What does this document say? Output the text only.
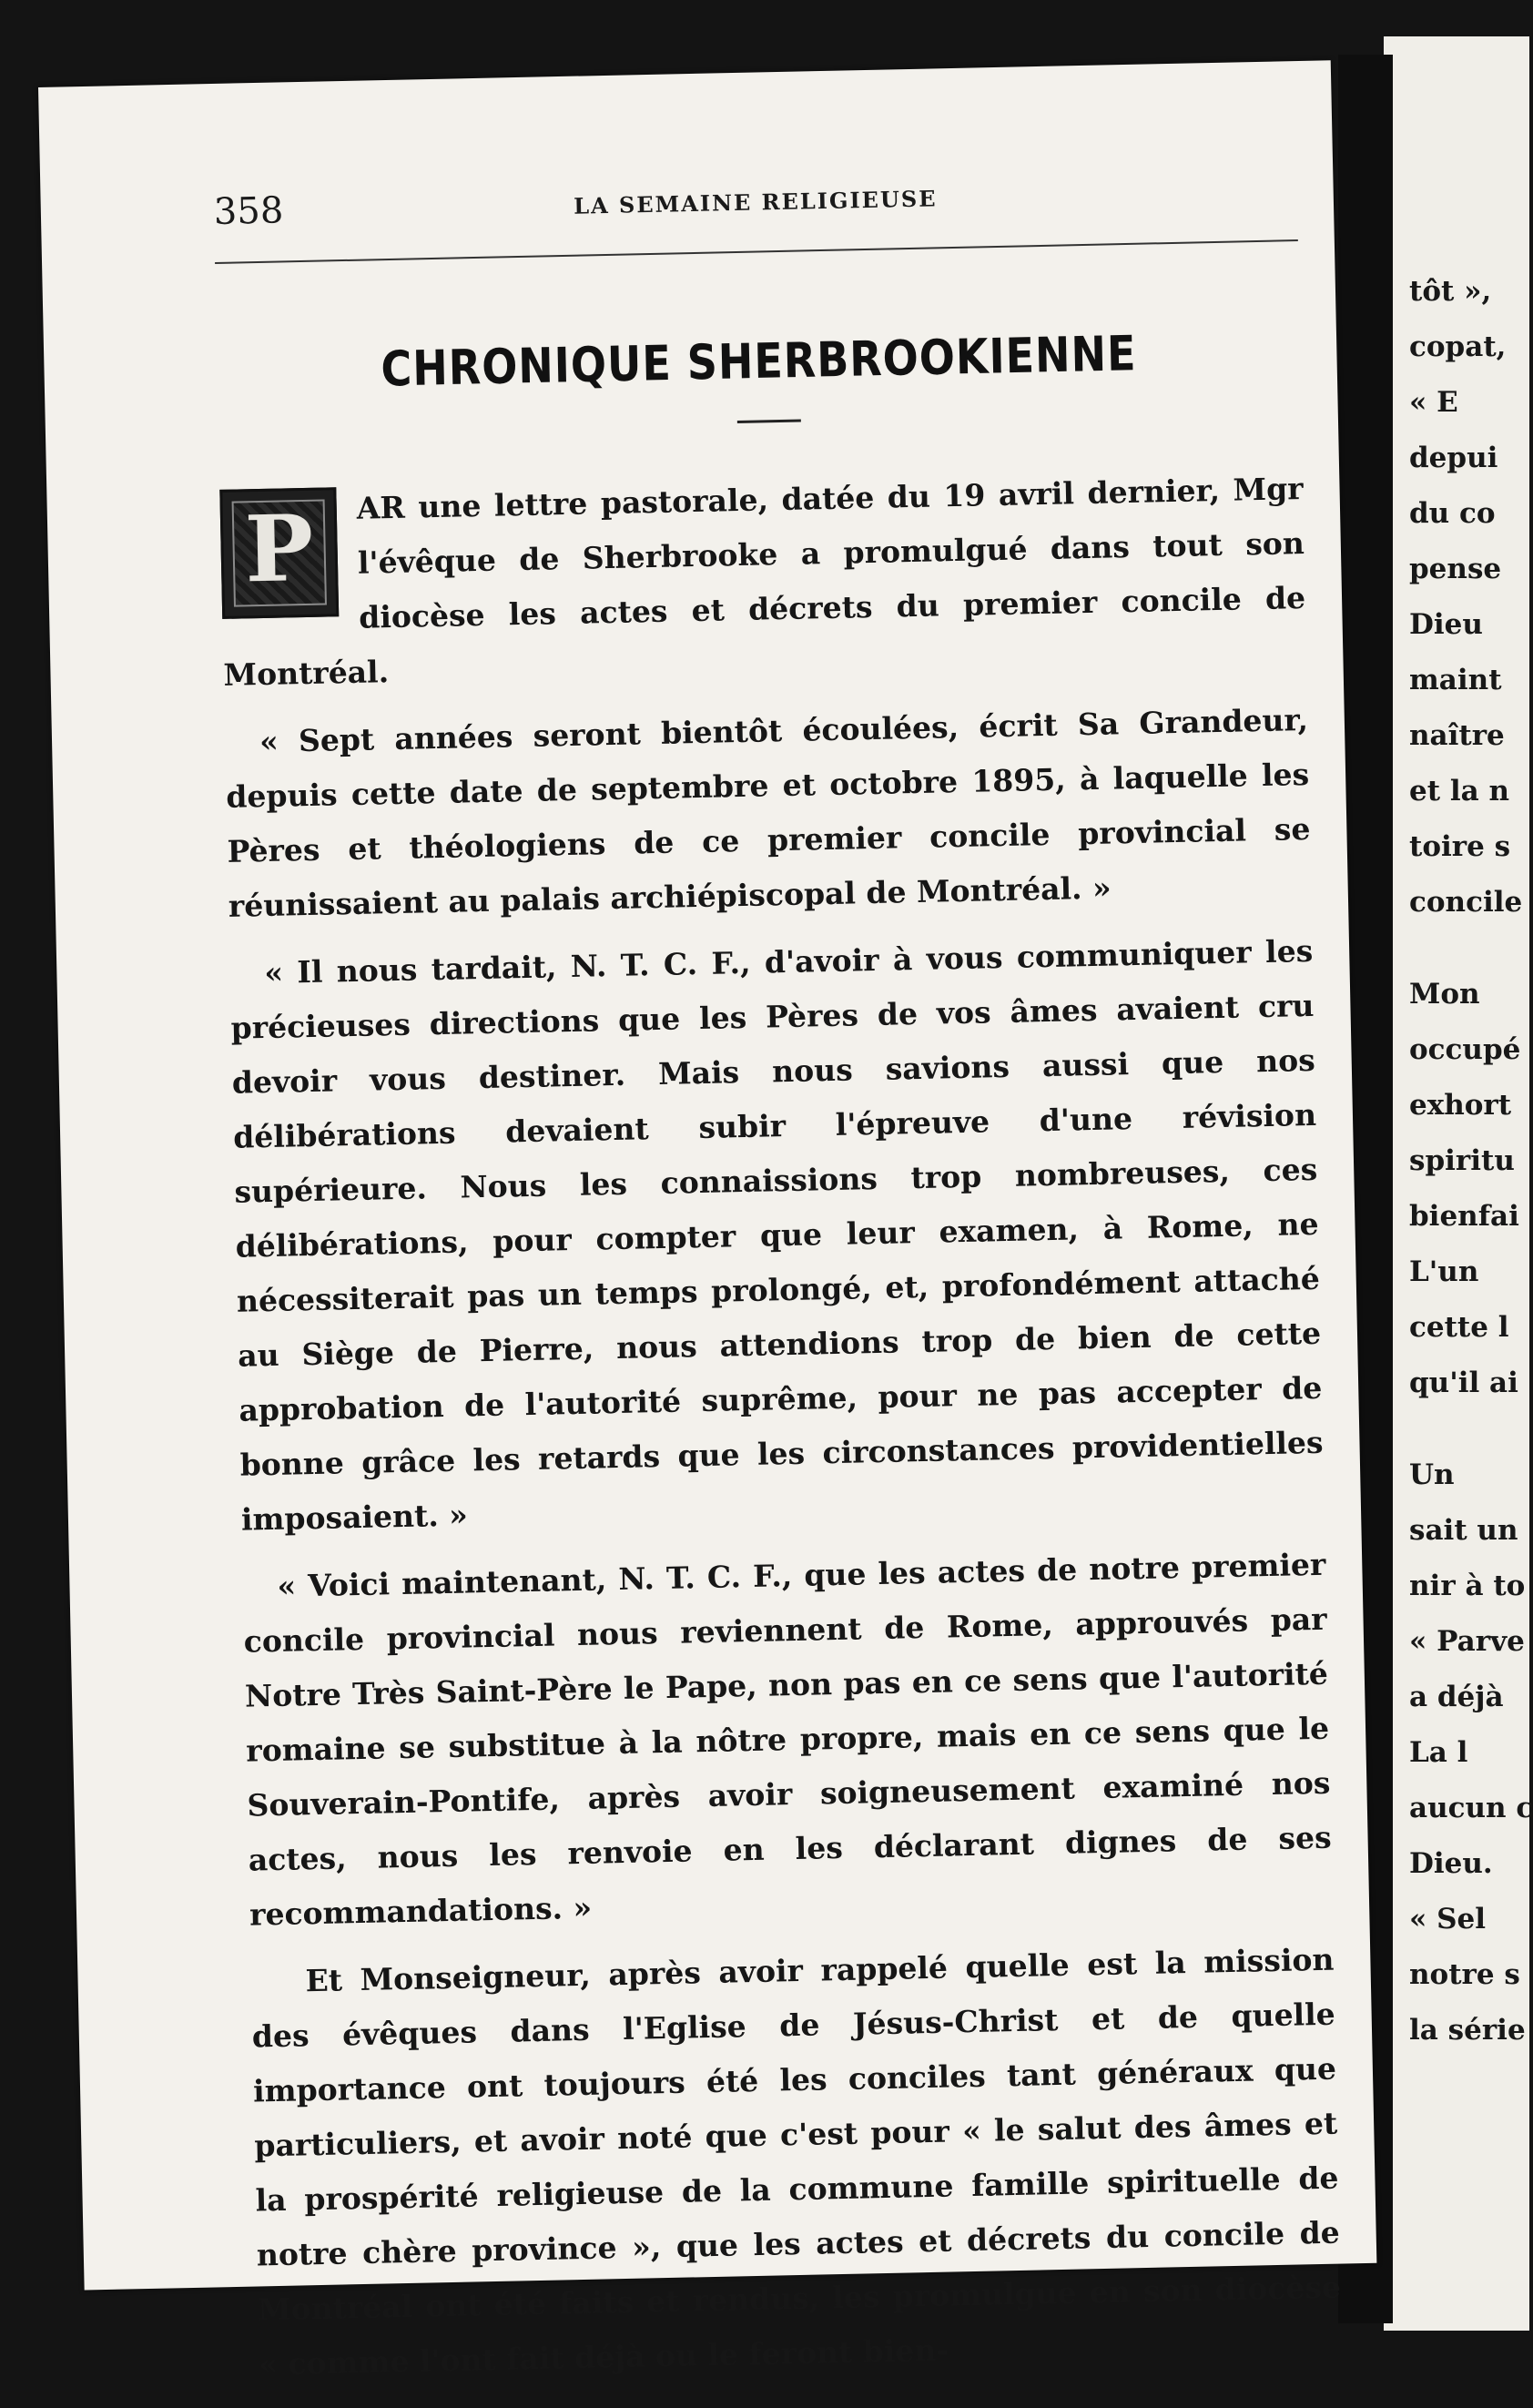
tôt »,
copat,
« E
depui
du co
pense
Dieu
maint
naître
et la n
toire s
concile
Mon
occupé
exhort
spiritu
bienfai
L'un
cette l
qu'il ai
Un
sait un
nir à to
« Parve
a déjà
La l
aucun c
Dieu.
« Sel
notre s
la série
358	LA SEMAINE RELIGIEUSE
CHRONIQUE SHERBROOKIENNE

P	AR une lettre pastorale, datée du 19 avril dernier, Mgr l'évêque de Sherbrooke a promulgué dans tout son diocèse les actes et décrets du premier concile de Montréal.

« Sept années seront bientôt écoulées, écrit Sa Grandeur, depuis cette date de septembre et octobre 1895, à laquelle les Pères et théologiens de ce premier concile provincial se réunissaient au palais archiépiscopal de Montréal. »

« Il nous tardait, N. T. C. F., d'avoir à vous communiquer les précieuses directions que les Pères de vos âmes avaient cru devoir vous destiner. Mais nous savions aussi que nos délibérations devaient subir l'épreuve d'une révision supérieure. Nous les connaissions trop nombreuses, ces délibérations, pour compter que leur examen, à Rome, ne nécessiterait pas un temps prolongé, et, profondément attaché au Siège de Pierre, nous attendions trop de bien de cette approbation de l'autorité suprême, pour ne pas accepter de bonne grâce les retards que les circonstances providentielles imposaient. »

« Voici maintenant, N. T. C. F., que les actes de notre premier concile provincial nous reviennent de Rome, approuvés par Notre Très Saint-Père le Pape, non pas en ce sens que l'autorité romaine se substitue à la nôtre propre, mais en ce sens que le Souverain-Pontife, après avoir soigneusement examiné nos actes, nous les renvoie en les déclarant dignes de ses recommandations. »

Et Monseigneur, après avoir rappelé quelle est la mission des évêques dans l'Eglise de Jésus-Christ et de quelle importance ont toujours été les conciles tant généraux que particuliers, et avoir noté que c'est pour « le salut des âmes et la prospérité religieuse de la commune famille spirituelle de notre chère province », que les actes et décrets du concile de Montréal ont été faits et rendus, les promulgue en son diocèse « comme l'ont fait déjà ou le feront bien-
